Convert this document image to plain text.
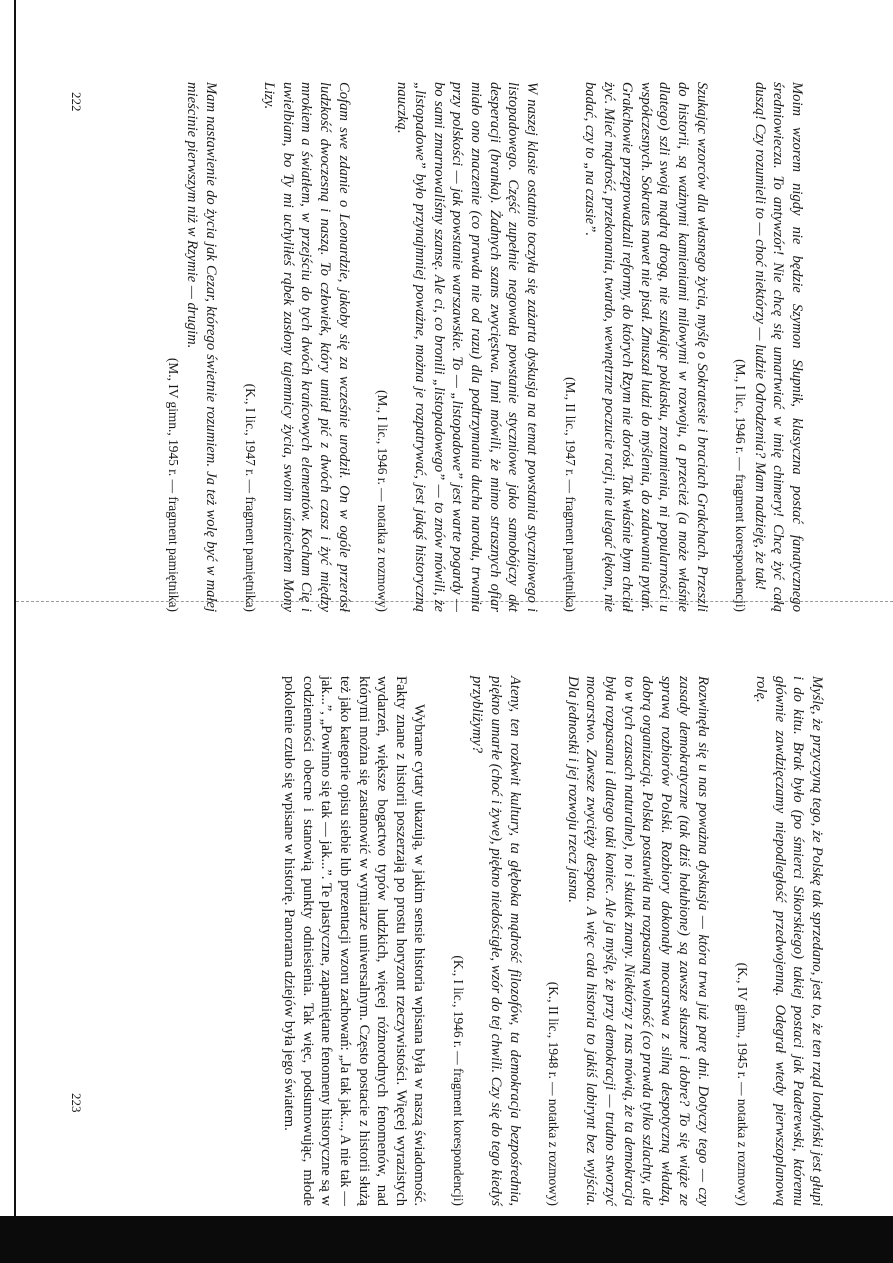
Moim wzorem nigdy nie będzie Szymon Słupnik, klasyczna postać fanatycznego średniowiecza. To antywzór! Nie chcę się umartwiać w imię chimery! Chcę żyć całą duszą! Czy rozumieli to — choć niektórzy — ludzie Odrodzenia? Mam nadzieję, że tak!

(M., I lic., 1946 r. — fragment korespondencji)

Szukając wzorców dla własnego życia, myślę o Sokratesie i braciach Grakchach. Przeszli do historii, są ważnymi kamieniami milowymi w rozwoju, a przecież (a może właśnie dlatego) szli swoją mądrą drogą, nie szukając poklasku, zrozumienia, ni popularności u współczesnych. Sokrates nawet nie pisał. Zmuszał ludzi do myślenia, do zadawania pytań. Grakchowie przeprowadzali reformy, do których Rzym nie dorósł. Tak właśnie bym chciał żyć. Mieć mądrość, przekonania, twardo, wewnętrzne poczucie racji, nie ulegać lękom, nie badać, czy to „na czasie”.

(M., II lic., 1947 r. — fragment pamiętnika)

W naszej klasie ostatnio toczyła się zażarta dyskusja na temat powstania styczniowego i listopadowego. Część zupełnie negowała powstanie styczniowe jako samobójczy akt desperacji (branka). Żadnych szans zwycięstwa. Inni mówili, że mimo strasznych ofiar miało ono znaczenie (co prawda nie od razu) dla podtrzymania ducha narodu, trwania przy polskości — jak powstanie warszawskie. To — „listopadowe” jest warte pogardy — bo sami zmarnowaliśmy szansę. Ale ci, co bronili „listopadowego” — to znów mówili, że „listopadowe” było przynajmniej poważne, można je rozpatrywać, jest jakąś historyczną nauczką.

(M., I lic., 1946 r. — notatka z rozmowy)

Cofam swe zdanie o Leonardzie, jakoby się za wcześnie urodził. On w ogóle przerósł ludzkość dwoczesną i naszą. To człowiek, który umiał pić z dwóch czasz i żyć między mrokiem a światłem, w przejściu do tych dwóch krańcowych elementów. Kocham Cię i uwielbiam, bo Ty mi uchyliłeś rąbek zasłony tajemnicy życia, swoim uśmiechem Mony Lizy.

(K., I lic., 1947 r. — fragment pamiętnika)

Mam nastawienie do życia jak Cezar, którego świetnie rozumiem. Ja też wolę być w małej mieścinie pierwszym niż w Rzymie — drugim.

(M., IV gimn., 1945 r. — fragment pamiętnika)

222

Myślę, że przyczyną tego, że Polskę tak sprzedano, jest to, że ten rząd londyński jest głupi i do kitu. Brak było (po śmierci Sikorskiego) takiej postaci jak Paderewski, któremu głównie zawdzięczamy niepodległość przedwojenną. Odegrał wtedy pierwszoplanową rolę.

(K., IV gimn., 1945 r. — notatka z rozmowy)

Rozwinęła się u nas poważna dyskusja — która trwa już parę dni. Dotyczy tego — czy zasady demokratyczne (tak dziś hołubione) są zawsze słuszne i dobre? To się wiąże ze sprawą rozbiorów Polski. Rozbiory dokonały mocarstwa z silną despotyczną władzą, dobrą organizacją. Polska postawiła na rozpasaną wolność (co prawda tylko szlachty, ale to w tych czasach naturalne), no i skutek znany. Niektórzy z nas mówią, że ta demokracja była rozpasana i dlatego taki koniec. Ale ja myślę, że przy demokracji — trudno stworzyć mocarstwo. Zawsze zwycięży despota. A więc cała historia to jakiś labirynt bez wyjścia. Dla jednostki i jej rozwoju rzecz jasna.

(K., II lic., 1948 r. — notatka z rozmowy)

Ateny, ten rozkwit kultury, ta głęboka mądrość filozofów, ta demokracja bezpośrednia, piękno umarłe (choć i żywe), piękno niedościgłe, wzór do tej chwili. Czy się do tego kiedyś przybliżymy?

(K., I lic., 1946 r. — fragment korespondencji)

Wybrane cytaty ukazują, w jakim sensie historia wpisana była w naszą świadomość. Fakty znane z historii poszerzają po prostu horyzont rzeczywistości. Więcej wyrazistych wydarzeń, większe bogactwo typów ludzkich, więcej różnorodnych fenomenów, nad którymi można się zastanowić w wymiarze uniwersalnym. Często postacie z historii służą też jako kategorie opisu siebie lub prezentacji wzoru zachowań: „Ja tak jak..., A nie tak — jak...”, „Powinno się tak — jak...”. Te plastyczne, zapamiętane fenomeny historyczne są w codzienności obecne i stanowią punkty odniesienia. Tak więc, podsumowując, młode pokolenie czuło się wpisane w historię. Panorama dziejów była jego światem.

223
